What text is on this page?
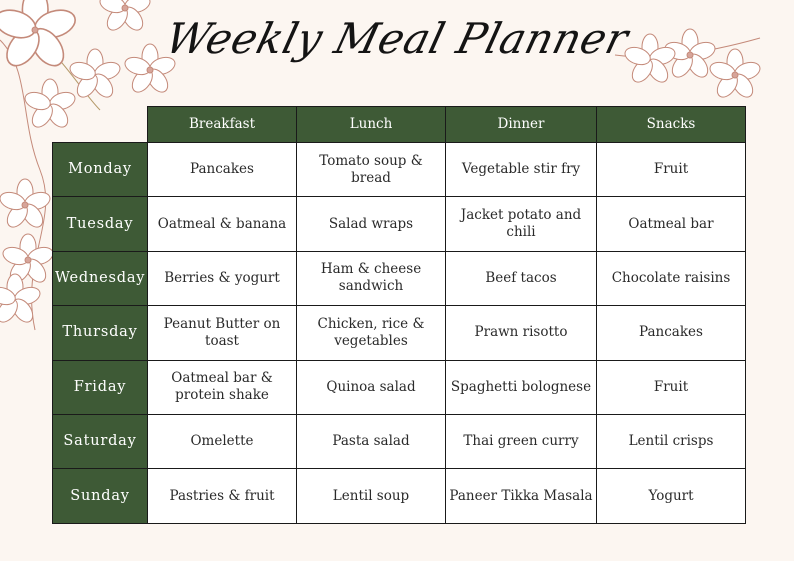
Weekly Meal Planner
	Breakfast	Lunch	Dinner	Snacks
Monday	Pancakes	Tomato soup & bread	Vegetable stir fry	Fruit
Tuesday	Oatmeal & banana	Salad wraps	Jacket potato and chili	Oatmeal bar
Wednesday	Berries & yogurt	Ham & cheese sandwich	Beef tacos	Chocolate raisins
Thursday	Peanut Butter on toast	Chicken, rice & vegetables	Prawn risotto	Pancakes
Friday	Oatmeal bar & protein shake	Quinoa salad	Spaghetti bolognese	Fruit
Saturday	Omelette	Pasta salad	Thai green curry	Lentil crisps
Sunday	Pastries & fruit	Lentil soup	Paneer Tikka Masala	Yogurt
